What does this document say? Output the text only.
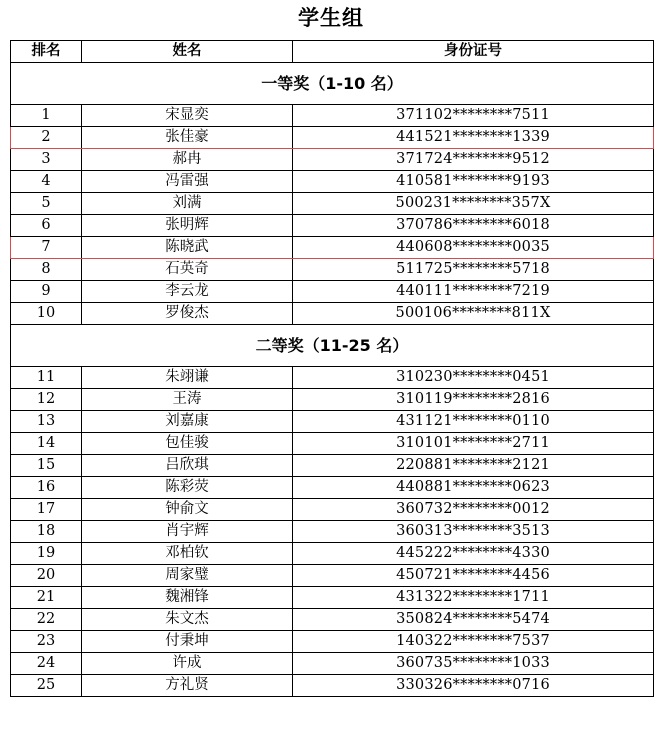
学生组
排名	姓名	身份证号
一等奖（1-10 名）		
1	宋显奕	371102********7511
2	张佳豪	441521********1339
3	郝冉	371724********9512
4	冯雷强	410581********9193
5	刘满	500231********357X
6	张明辉	370786********6018
7	陈晓武	440608********0035
8	石英奇	511725********5718
9	李云龙	440111********7219
10	罗俊杰	500106********811X
二等奖（11-25 名）		
11	朱翊谦	310230********0451
12	王涛	310119********2816
13	刘嘉康	431121********0110
14	包佳骏	310101********2711
15	吕欣琪	220881********2121
16	陈彩荧	440881********0623
17	钟俞文	360732********0012
18	肖宇辉	360313********3513
19	邓柏钦	445222********4330
20	周家璧	450721********4456
21	魏湘锋	431322********1711
22	朱文杰	350824********5474
23	付秉坤	140322********7537
24	许成	360735********1033
25	方礼贤	330326********0716
